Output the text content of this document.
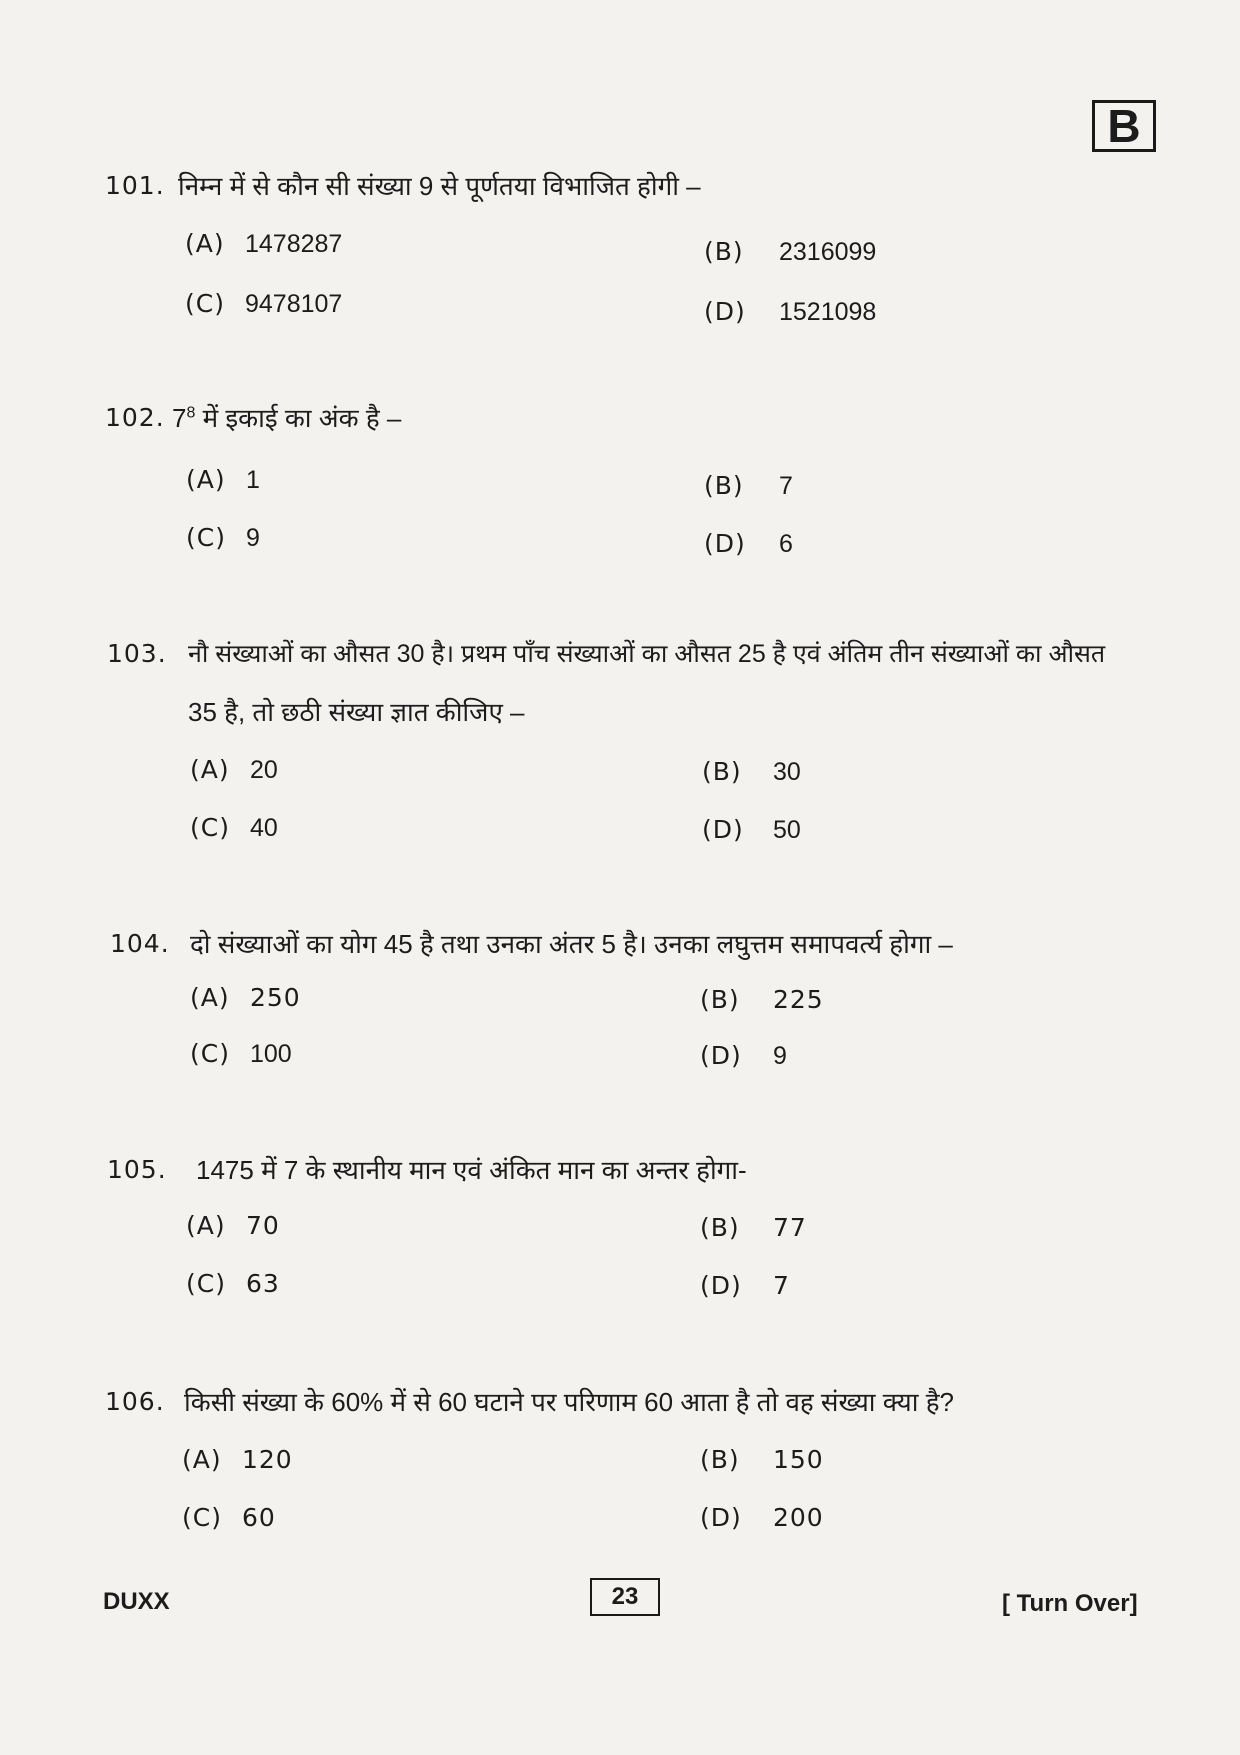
B
101. निम्न में से कौन सी संख्या 9 से पूर्णतया विभाजित होगी –
(A) 1478287	(B) 2316099
(C) 9478107	(D) 1521098
102. $7^8$ में इकाई का अंक है –
(A) 1	(B) 7
(C) 9	(D) 6
103. नौ संख्याओं का औसत 30 है। प्रथम पाँच संख्याओं का औसत 25 है एवं अंतिम तीन संख्याओं का औसत
35 है, तो छठी संख्या ज्ञात कीजिए –
(A) 20	(B) 30
(C) 40	(D) 50
104. दो संख्याओं का योग 45 है तथा उनका अंतर 5 है। उनका लघुत्तम समापवर्त्य होगा –
(A) 250	(B) 225
(C) 100	(D) 9
105. 1475 में 7 के स्थानीय मान एवं अंकित मान का अन्तर होगा-
(A) 70	(B) 77
(C) 63	(D) 7
106. किसी संख्या के 60% में से 60 घटाने पर परिणाम 60 आता है तो वह संख्या क्या है?
(A) 120	(B) 150
(C) 60	(D) 200
DUXX	23	[ Turn Over]
